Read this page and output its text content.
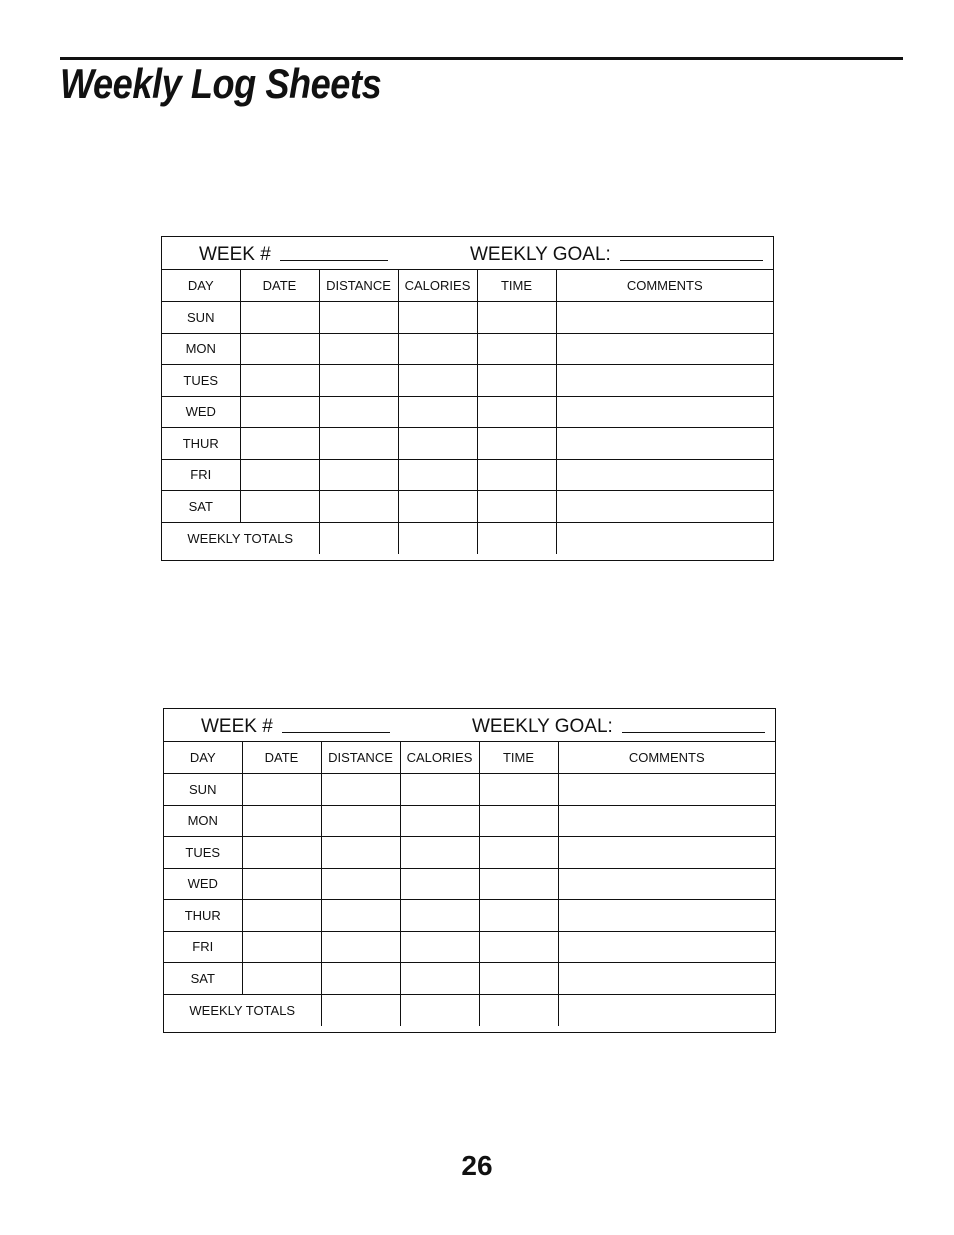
Weekly Log Sheets
WEEK #	WEEKLY GOAL:
DAY	DATE	DISTANCE	CALORIES	TIME	COMMENTS
SUN					
MON					
TUES					
WED					
THUR					
FRI					
SAT					
WEEKLY TOTALS					
WEEK #	WEEKLY GOAL:
DAY	DATE	DISTANCE	CALORIES	TIME	COMMENTS
SUN					
MON					
TUES					
WED					
THUR					
FRI					
SAT					
WEEKLY TOTALS					
26
